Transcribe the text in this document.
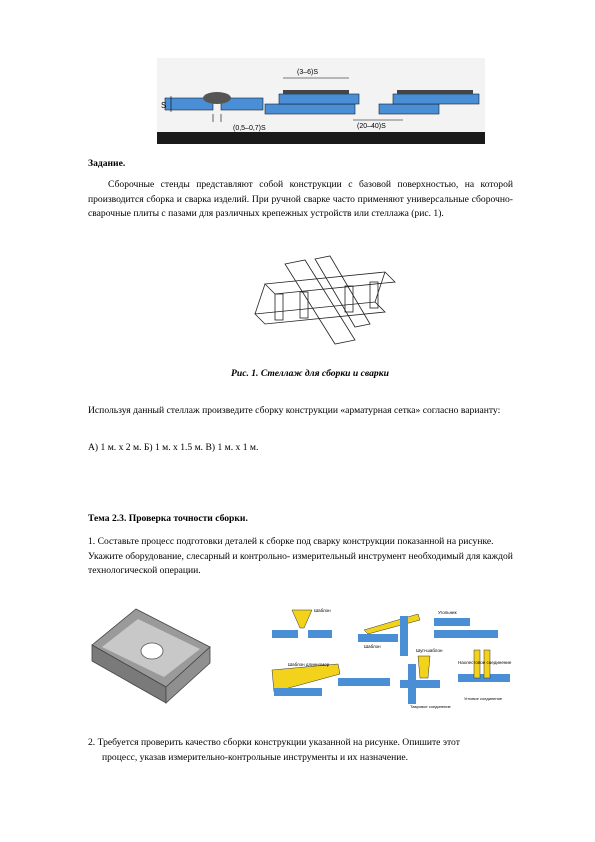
S
(0,5–0,7)S
(3–6)S
(20–40)S
Задание.
Сборочные стенды представляют собой конструкции с базовой поверхностью, на которой производится сборка и сварка изделий. При ручной сварке часто применяют универсальные сборочно-сварочные плиты с пазами для различных крепежных устройств или стеллажа (рис. 1).
Рис. 1. Стеллаж для сборки и сварки
Используя данный стеллаж произведите сборку конструкции «арматурная сетка» согласно варианту:
А) 1 м. х 2 м. Б) 1 м. х 1.5 м. В) 1 м. х 1 м.
Тема 2.3. Проверка точности сборки.
1. Составьте процесс подготовки деталей к сборке под сварку конструкции показанной на рисунке. Укажите оборудование, слесарный и контрольно- измерительный инструмент необходимый для каждой технологической операции.
Шаблон
Шаблон
Угольник
Шаблон длинномер
Шуп-шаблон
Тавровое соединение
Нахлестовое соединение
Угловое соединение
2. Требуется проверить качество сборки конструкции указанной на рисунке. Опишите этот
процесс, указав измерительно-контрольные инструменты и их назначение.
